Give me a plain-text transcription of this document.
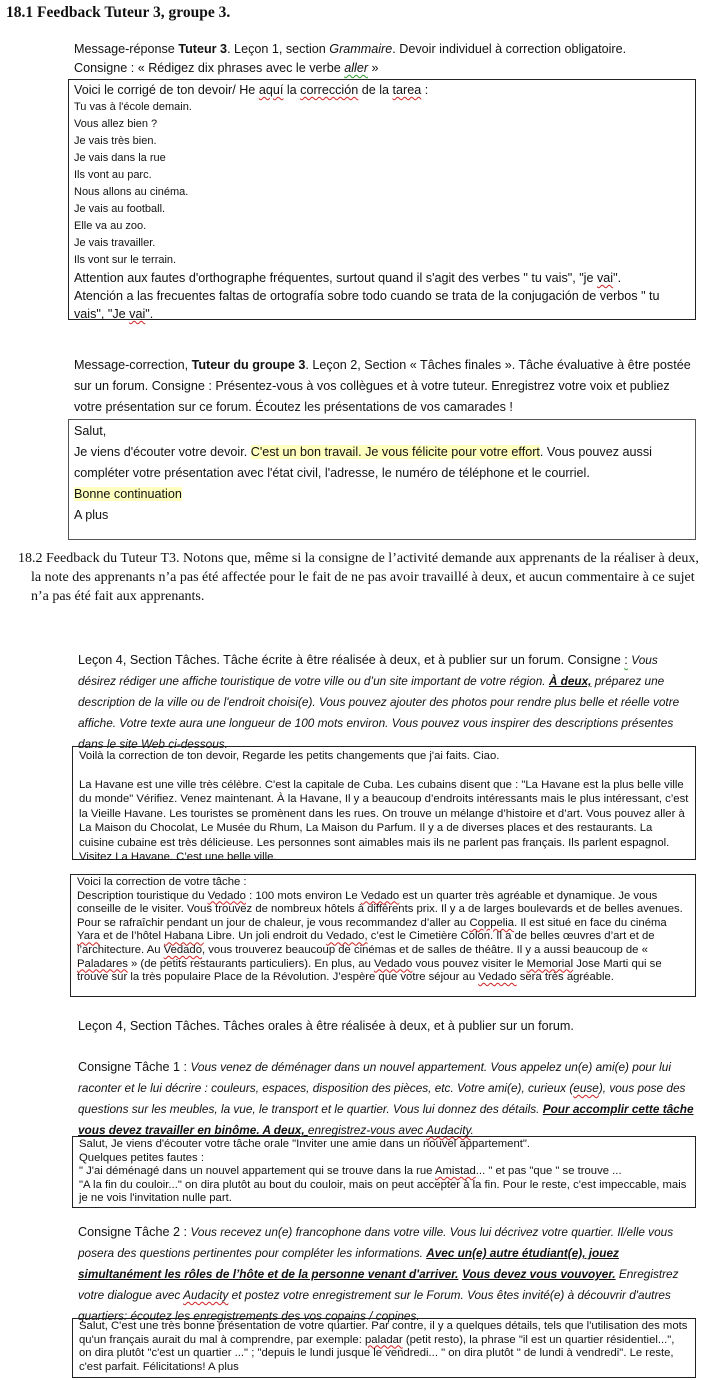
18.1 Feedback Tuteur 3, groupe 3.

Message-réponse Tuteur 3. Leçon 1, section Grammaire. Devoir individuel à correction obligatoire.

Consigne : « Rédigez dix phrases avec le verbe aller »

Voici le corrigé de ton devoir/ He aquí la corrección de la tarea :

Tu vas à l'école demain.

Vous allez bien ?

Je vais très bien.

Je vais dans la rue

Ils vont au parc.

Nous allons au cinéma.

Je vais au football.

Elle va au zoo.

Je vais travailler.

Ils vont sur le terrain.

Attention aux fautes d'orthographe fréquentes, surtout quand il s'agit des verbes " tu vais", "je vai".

Atención a las frecuentes faltas de ortografía sobre todo cuando se trata de la conjugación de verbos " tu vais", "Je vai".

Message-correction, Tuteur du groupe 3. Leçon 2, Section « Tâches finales ». Tâche évaluative à être postée sur un forum. Consigne : Présentez-vous à vos collègues et à votre tuteur. Enregistrez votre voix et publiez votre présentation sur ce forum. Écoutez les présentations de vos camarades !

Salut,

Je viens d'écouter votre devoir. C'est un bon travail. Je vous félicite pour votre effort. Vous pouvez aussi compléter votre présentation avec l'état civil, l'adresse, le numéro de téléphone et le courriel.

Bonne continuation

A plus

18.2 Feedback du Tuteur T3. Notons que, même si la consigne de l’activité demande aux apprenants de la réaliser à deux, la note des apprenants n’a pas été affectée pour le fait de ne pas avoir travaillé à deux, et aucun commentaire à ce sujet n’a pas été fait aux apprenants.
Leçon 4, Section Tâches. Tâche écrite à être réalisée à deux, et à publier sur un forum. Consigne : Vous désirez rédiger une affiche touristique de votre ville ou d’un site important de votre région. À deux, préparez une description de la ville ou de l'endroit choisi(e). Vous pouvez ajouter des photos pour rendre plus belle et réelle votre affiche. Votre texte aura une longueur de 100 mots environ. Vous pouvez vous inspirer des descriptions présentes dans le site Web ci-dessous.

Voilà la correction de ton devoir, Regarde les petits changements que j'ai faits. Ciao.

La Havane est une ville très célèbre. C'est la capitale de Cuba. Les cubains disent que : "La Havane est la plus belle ville du monde" Vérifiez. Venez maintenant. À la Havane, Il y a beaucoup d’endroits intéressants mais le plus intéressant, c’est la Vieille Havane. Les touristes se promènent dans les rues. On trouve un mélange d’histoire et d’art. Vous pouvez aller à La Maison du Chocolat, Le Musée du Rhum, La Maison du Parfum. Il y a de diverses places et des restaurants. La cuisine cubaine est très délicieuse. Les personnes sont aimables mais ils ne parlent pas français. Ils parlent espagnol. Visitez La Havane. C’est une belle ville.

Voici la correction de votre tâche :

Description touristique du Vedado : 100 mots environ Le Vedado est un quarter très agréable et dynamique. Je vous conseille de le visiter. Vous trouvez de nombreux hôtels à différents prix. Il y a de larges boulevards et de belles avenues. Pour se rafraîchir pendant un jour de chaleur, je vous recommandez d’aller au Coppelia. Il est situé en face du cinéma Yara et de l’hôtel Habana Libre. Un joli endroit du Vedado, c’est le Cimetière Colon. Il a de belles œuvres d’art et de l’architecture. Au Vedado, vous trouverez beaucoup de cinémas et de salles de théâtre. Il y a aussi beaucoup de « Paladares » (de petits restaurants particuliers). En plus, au Vedado vous pouvez visiter le Memorial Jose Marti qui se trouve sur la très populaire Place de la Révolution. J’espère que votre séjour au Vedado sera très agréable.

Leçon 4, Section Tâches. Tâches orales à être réalisée à deux, et à publier sur un forum.
Consigne Tâche 1 : Vous venez de déménager dans un nouvel appartement. Vous appelez un(e) ami(e) pour lui raconter et le lui décrire : couleurs, espaces, disposition des pièces, etc. Votre ami(e), curieux (euse), vous pose des questions sur les meubles, la vue, le transport et le quartier. Vous lui donnez des détails. Pour accomplir cette tâche vous devez travailler en binôme. A deux, enregistrez-vous avec Audacity.

Salut, Je viens d'écouter votre tâche orale "Inviter une amie dans un nouvel appartement".

Quelques petites fautes :

" J'ai déménagé dans un nouvel appartement qui se trouve dans la rue Amistad... " et pas "que " se trouve ...

"A la fin du couloir..." on dira plutôt au bout du couloir, mais on peut accepter à la fin. Pour le reste, c'est impeccable, mais je ne vois l'invitation nulle part.

Consigne Tâche 2 : Vous recevez un(e) francophone dans votre ville. Vous lui décrivez votre quartier. Il/elle vous posera des questions pertinentes pour compléter les informations. Avec un(e) autre étudiant(e), jouez simultanément les rôles de l’hôte et de la personne venant d'arriver. Vous devez vous vouvoyer. Enregistrez votre dialogue avec Audacity et postez votre enregistrement sur le Forum. Vous êtes invité(e) à découvrir d'autres quartiers: écoutez les enregistrements des vos copains / copines.

Salut, C'est une très bonne présentation de votre quartier. Par contre, il y a quelques détails, tels que l'utilisation des mots qu'un français aurait du mal à comprendre, par exemple: paladar (petit resto), la phrase "il est un quartier résidentiel...", on dira plutôt "c'est un quartier ..." ; "depuis le lundi jusque le vendredi... " on dira plutôt " de lundi à vendredi". Le reste, c'est parfait. Félicitations! A plus
